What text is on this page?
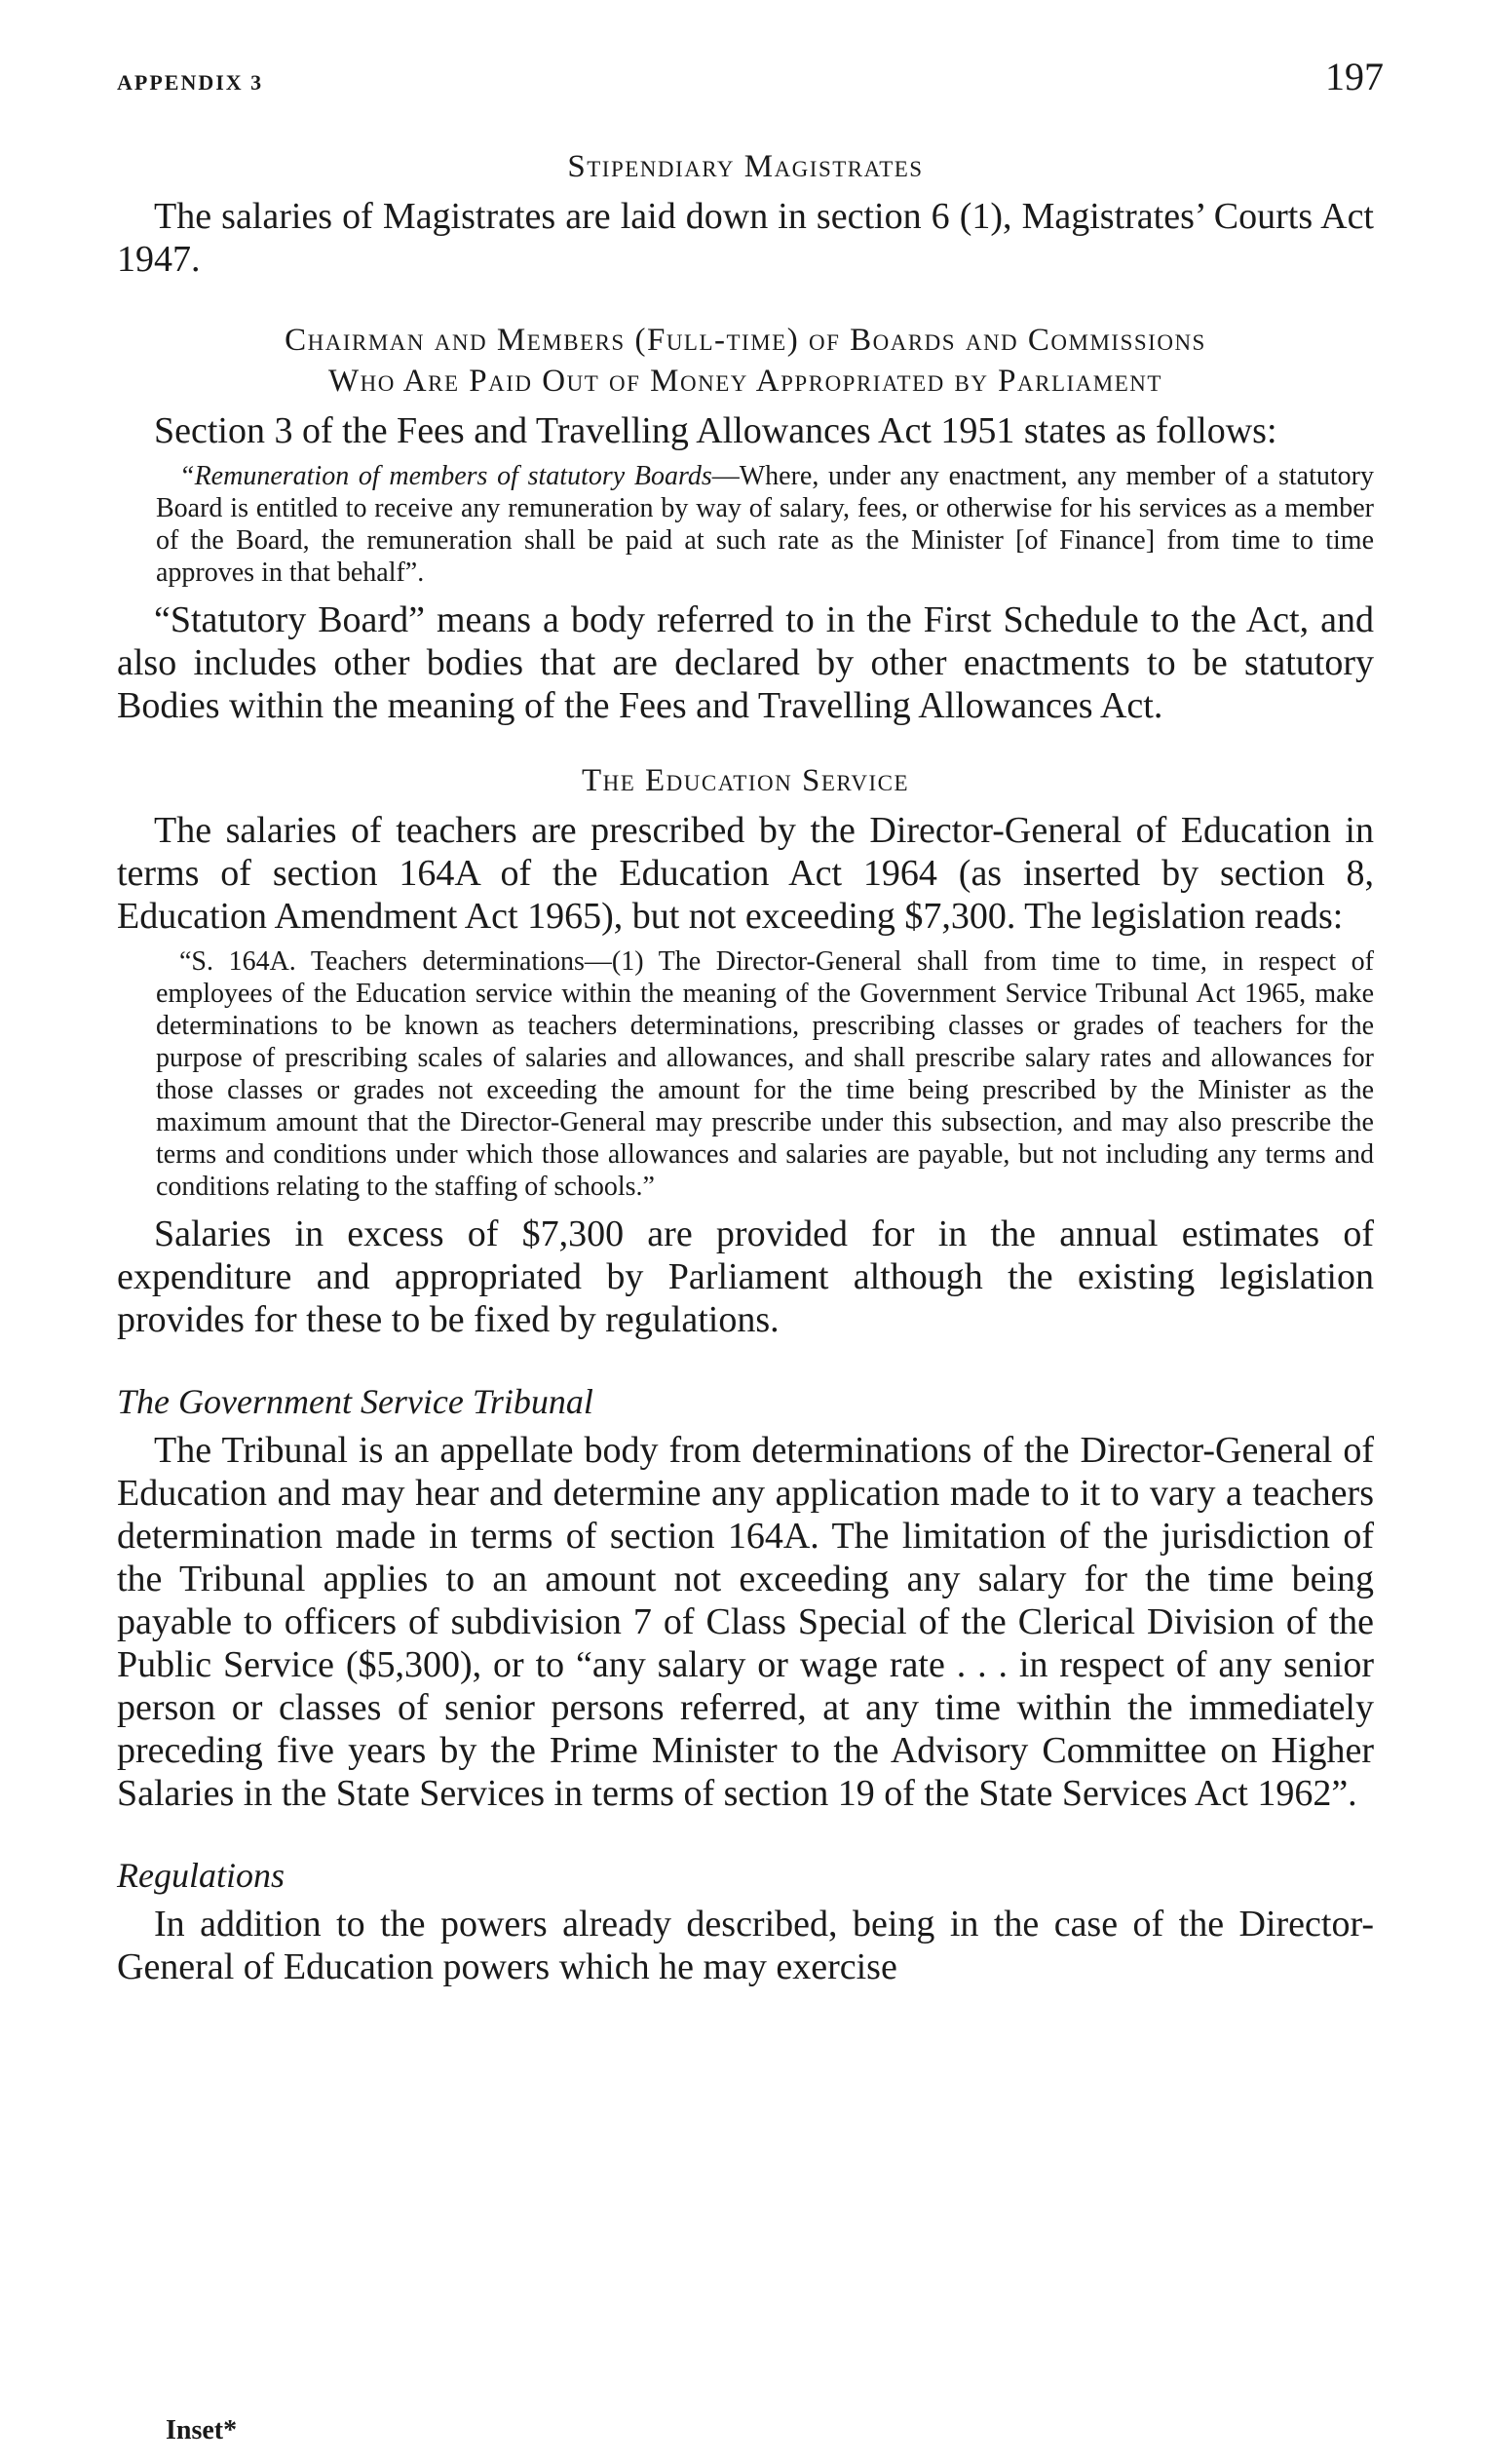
APPENDIX 3	197
Stipendiary Magistrates

The salaries of Magistrates are laid down in section 6 (1), Magistrates’ Courts Act 1947.

Chairman and Members (Full-time) of Boards and Commissions
Who Are Paid Out of Money Appropriated by Parliament

Section 3 of the Fees and Travelling Allowances Act 1951 states as follows:

“Remuneration of members of statutory Boards—Where, under any enactment, any member of a statutory Board is entitled to receive any remuneration by way of salary, fees, or otherwise for his services as a member of the Board, the remuneration shall be paid at such rate as the Minister [of Finance] from time to time approves in that behalf”.

“Statutory Board” means a body referred to in the First Schedule to the Act, and also includes other bodies that are declared by other enactments to be statutory Bodies within the meaning of the Fees and Travelling Allowances Act.

The Education Service

The salaries of teachers are prescribed by the Director-General of Education in terms of section 164A of the Education Act 1964 (as inserted by section 8, Education Amendment Act 1965), but not exceeding $7,300. The legislation reads:

“S. 164A. Teachers determinations—(1) The Director-General shall from time to time, in respect of employees of the Education service within the meaning of the Government Service Tribunal Act 1965, make determinations to be known as teachers determinations, prescribing classes or grades of teachers for the purpose of prescribing scales of salaries and allowances, and shall prescribe salary rates and allowances for those classes or grades not exceeding the amount for the time being prescribed by the Minister as the maximum amount that the Director-General may prescribe under this subsection, and may also prescribe the terms and conditions under which those allowances and salaries are payable, but not including any terms and conditions relating to the staffing of schools.”

Salaries in excess of $7,300 are provided for in the annual estimates of expenditure and appropriated by Parliament although the existing legislation provides for these to be fixed by regulations.

The Government Service Tribunal

The Tribunal is an appellate body from determinations of the Director-General of Education and may hear and determine any application made to it to vary a teachers determination made in terms of section 164A. The limitation of the jurisdiction of the Tribunal applies to an amount not exceeding any salary for the time being payable to officers of subdivision 7 of Class Special of the Clerical Division of the Public Service ($5,300), or to “any salary or wage rate . . . in respect of any senior person or classes of senior persons referred, at any time within the immediately preceding five years by the Prime Minister to the Advisory Committee on Higher Salaries in the State Services in terms of section 19 of the State Services Act 1962”.

Regulations

In addition to the powers already described, being in the case of the Director-General of Education powers which he may exercise

Inset*
